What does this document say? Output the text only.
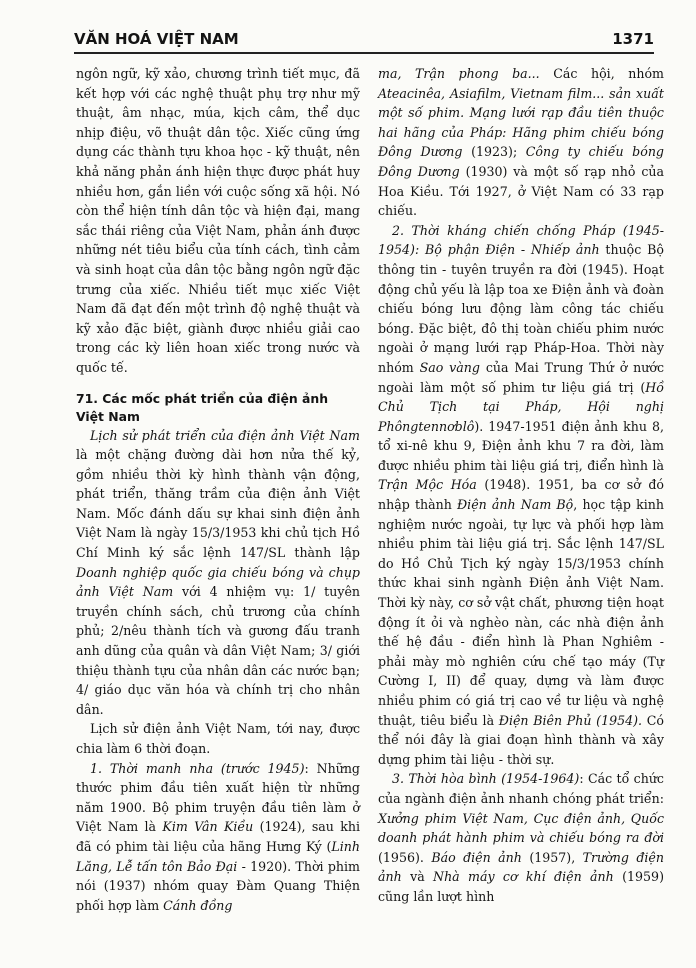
VĂN HOÁ VIỆT NAM	1371

ngôn ngữ, kỹ xảo, chương trình tiết mục, đã kết hợp với các nghệ thuật phụ trợ như mỹ thuật, âm nhạc, múa, kịch câm, thể dục nhịp điệu, võ thuật dân tộc. Xiếc cũng ứng dụng các thành tựu khoa học - kỹ thuật, nên khả năng phản ánh hiện thực được phát huy nhiều hơn, gắn liền với cuộc sống xã hội. Nó còn thể hiện tính dân tộc và hiện đại, mang sắc thái riêng của Việt Nam, phản ánh được những nét tiêu biểu của tính cách, tình cảm và sinh hoạt của dân tộc bằng ngôn ngữ đặc trưng của xiếc. Nhiều tiết mục xiếc Việt Nam đã đạt đến một trình độ nghệ thuật và kỹ xảo đặc biệt, giành được nhiều giải cao trong các kỳ liên hoan xiếc trong nước và quốc tế.

71. Các mốc phát triển của điện ảnh Việt Nam

Lịch sử phát triển của điện ảnh Việt Nam là một chặng đường dài hơn nửa thế kỷ, gồm nhiều thời kỳ hình thành vận động, phát triển, thăng trầm của điện ảnh Việt Nam. Mốc đánh dấu sự khai sinh điện ảnh Việt Nam là ngày 15/3/1953 khi chủ tịch Hồ Chí Minh ký sắc lệnh 147/SL thành lập Doanh nghiệp quốc gia chiếu bóng và chụp ảnh Việt Nam với 4 nhiệm vụ: 1/ tuyên truyền chính sách, chủ trương của chính phủ; 2/nêu thành tích và gương đấu tranh anh dũng của quân và dân Việt Nam; 3/ giới thiệu thành tựu của nhân dân các nước bạn; 4/ giáo dục văn hóa và chính trị cho nhân dân.

Lịch sử điện ảnh Việt Nam, tới nay, được chia làm 6 thời đoạn.

1. Thời manh nha (trước 1945): Những thước phim đầu tiên xuất hiện từ những năm 1900. Bộ phim truyện đầu tiên làm ở Việt Nam là Kim Vân Kiều (1924), sau khi đã có phim tài liệu của hãng Hưng Ký (Linh Lăng, Lễ tấn tôn Bảo Đại - 1920). Thời phim nói (1937) nhóm quay Đàm Quang Thiện phối hợp làm Cánh đồng

ma, Trận phong ba... Các hội, nhóm Ateacinêa, Asiafilm, Vietnam film... sản xuất một số phim. Mạng lưới rạp đầu tiên thuộc hai hãng của Pháp: Hãng phim chiếu bóng Đông Dương (1923); Công ty chiếu bóng Đông Dương (1930) và một số rạp nhỏ của Hoa Kiều. Tới 1927, ở Việt Nam có 33 rạp chiếu.

2. Thời kháng chiến chống Pháp (1945-1954): Bộ phận Điện - Nhiếp ảnh thuộc Bộ thông tin - tuyên truyền ra đời (1945). Hoạt động chủ yếu là lập toa xe Điện ảnh và đoàn chiếu bóng lưu động làm công tác chiếu bóng. Đặc biệt, đô thị toàn chiếu phim nước ngoài ở mạng lưới rạp Pháp-Hoa. Thời này nhóm Sao vàng của Mai Trung Thứ ở nước ngoài làm một số phim tư liệu giá trị (Hồ Chủ Tịch tại Pháp, Hội nghị Phôngtennơblô). 1947-1951 điện ảnh khu 8, tổ xi-nê khu 9, Điện ảnh khu 7 ra đời, làm được nhiều phim tài liệu giá trị, điển hình là Trận Mộc Hóa (1948). 1951, ba cơ sở đó nhập thành Điện ảnh Nam Bộ, học tập kinh nghiệm nước ngoài, tự lực và phối hợp làm nhiều phim tài liệu giá trị. Sắc lệnh 147/SL do Hồ Chủ Tịch ký ngày 15/3/1953 chính thức khai sinh ngành Điện ảnh Việt Nam. Thời kỳ này, cơ sở vật chất, phương tiện hoạt động ít ỏi và nghèo nàn, các nhà điện ảnh thế hệ đầu - điển hình là Phan Nghiêm - phải mày mò nghiên cứu chế tạo máy (Tự Cường I, II) để quay, dựng và làm được nhiều phim có giá trị cao về tư liệu và nghệ thuật, tiêu biểu là Điện Biên Phủ (1954). Có thể nói đây là giai đoạn hình thành và xây dựng phim tài liệu - thời sự.

3. Thời hòa bình (1954-1964): Các tổ chức của ngành điện ảnh nhanh chóng phát triển: Xưởng phim Việt Nam, Cục điện ảnh, Quốc doanh phát hành phim và chiếu bóng ra đời (1956). Báo điện ảnh (1957), Trường điện ảnh và Nhà máy cơ khí điện ảnh (1959) cũng lần lượt hình
